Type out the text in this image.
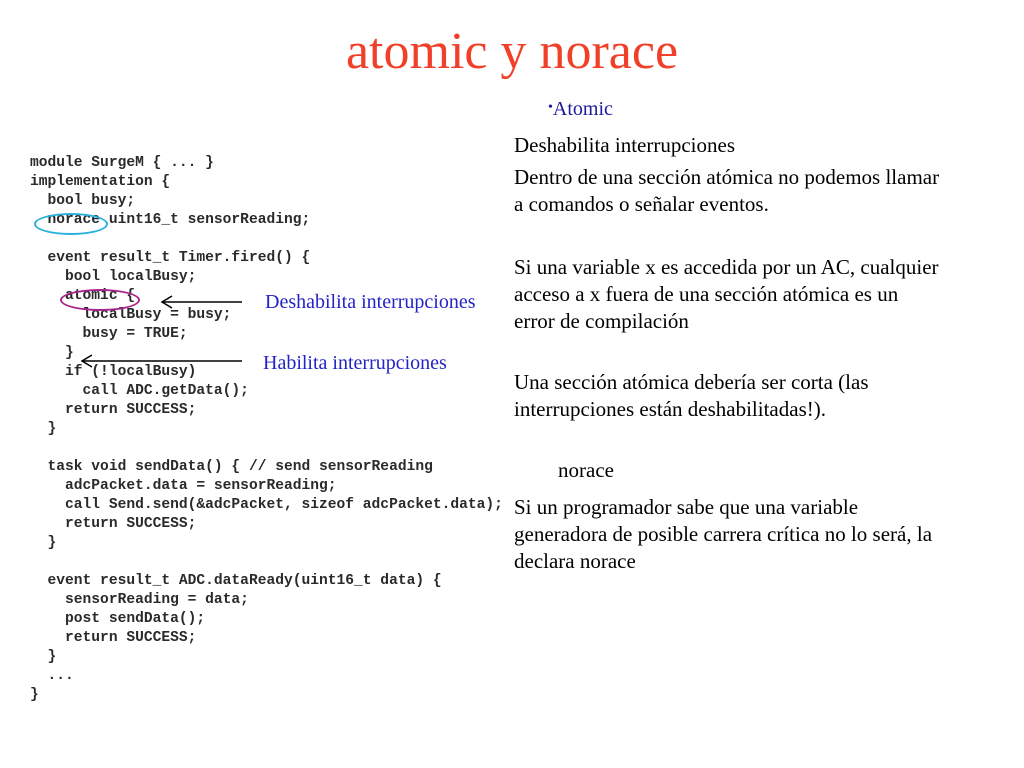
atomic y norace
module SurgeM { ... }
implementation {
bool busy;
norace uint16_t sensorReading;
event result_t Timer.fired() {
bool localBusy;
atomic {
localBusy = busy;
busy = TRUE;
}
if (!localBusy)
call ADC.getData();
return SUCCESS;
}
task void sendData() { // send sensorReading
adcPacket.data = sensorReading;
call Send.send(&adcPacket, sizeof adcPacket.data);
return SUCCESS;
}
event result_t ADC.dataReady(uint16_t data) {
sensorReading = data;
post sendData();
return SUCCESS;
}
...
}
Deshabilita interrupciones
Habilita interrupciones
•Atomic

Deshabilita interrupciones

Dentro de una sección atómica no podemos llamar a comandos o señalar eventos.

Si una variable x es accedida por un AC, cualquier acceso a x fuera de una sección atómica es un error de compilación

Una sección atómica debería ser corta (las interrupciones están deshabilitadas!).

norace

Si un programador sabe que una variable generadora de posible carrera crítica no lo será, la declara norace
